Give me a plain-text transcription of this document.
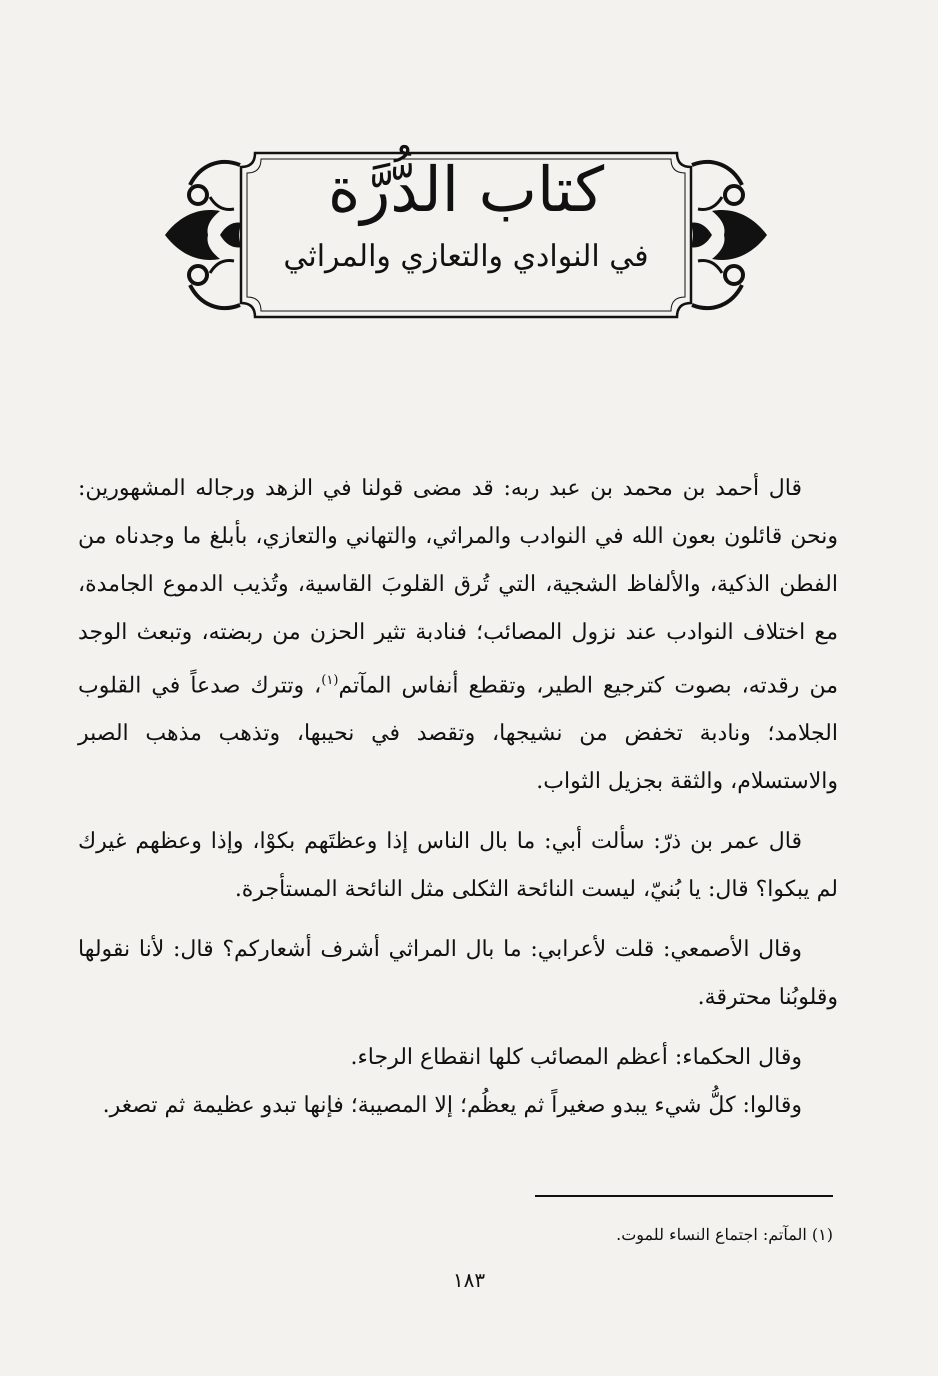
كتاب الدُّرَّة
في النوادي والتعازي والمراثي

قال أحمد بن محمد بن عبد ربه: قد مضى قولنا في الزهد ورجاله المشهورين: ونحن قائلون بعون الله في النوادب والمراثي، والتهاني والتعازي، بأبلغ ما وجدناه من الفطن الذكية، والألفاظ الشجية، التي تُرق القلوبَ القاسية، وتُذيب الدموع الجامدة، مع اختلاف النوادب عند نزول المصائب؛ فنادبة تثير الحزن من ربضته، وتبعث الوجد من رقدته، بصوت كترجيع الطير، وتقطع أنفاس المآتم$^{(١)}$، وتترك صدعاً في القلوب الجلامد؛ ونادبة تخفض من نشيجها، وتقصد في نحيبها، وتذهب مذهب الصبر والاستسلام، والثقة بجزيل الثواب.

قال عمر بن ذرّ: سألت أبي: ما بال الناس إذا وعظتَهم بكوْا، وإذا وعظهم غيرك لم يبكوا؟ قال: يا بُنيّ، ليست النائحة الثكلى مثل النائحة المستأجرة.

وقال الأصمعي: قلت لأعرابي: ما بال المراثي أشرف أشعاركم؟ قال: لأنا نقولها وقلوبُنا محترقة.

وقال الحكماء: أعظم المصائب كلها انقطاع الرجاء.

وقالوا: كلُّ شيء يبدو صغيراً ثم يعظُم؛ إلا المصيبة؛ فإنها تبدو عظيمة ثم تصغر.

(١) المآتم: اجتماع النساء للموت.
١٨٣
